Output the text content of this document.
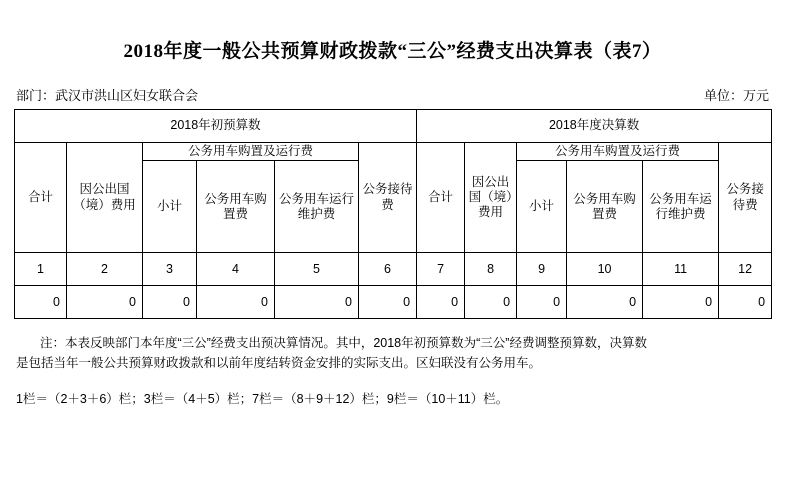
2018年度一般公共预算财政拨款“三公”经费支出决算表（表7）
部门：武汉市洪山区妇女联合会	单位：万元
2018年初预算数						2018年度决算数					
合计	因公出国（境）费用	公务用车购置及运行费			公务接待费	合计	因公出国（境）费用	公务用车购置及运行费			公务接待费
		小计	公务用车购置费	公务用车运行维护费				小计	公务用车购置费	公务用车运行维护费	
1	2	3	4	5	6	7	8	9	10	11	12
0	0	0	0	0	0	0	0	0	0	0	0

注：本表反映部门本年度“三公”经费支出预决算情况。其中，2018年初预算数为“三公”经费调整预算数，决算数

是包括当年一般公共预算财政拨款和以前年度结转资金安排的实际支出。区妇联没有公务用车。

1栏＝（2＋3＋6）栏；3栏＝（4＋5）栏；7栏＝（8＋9＋12）栏；9栏＝（10＋11）栏。
